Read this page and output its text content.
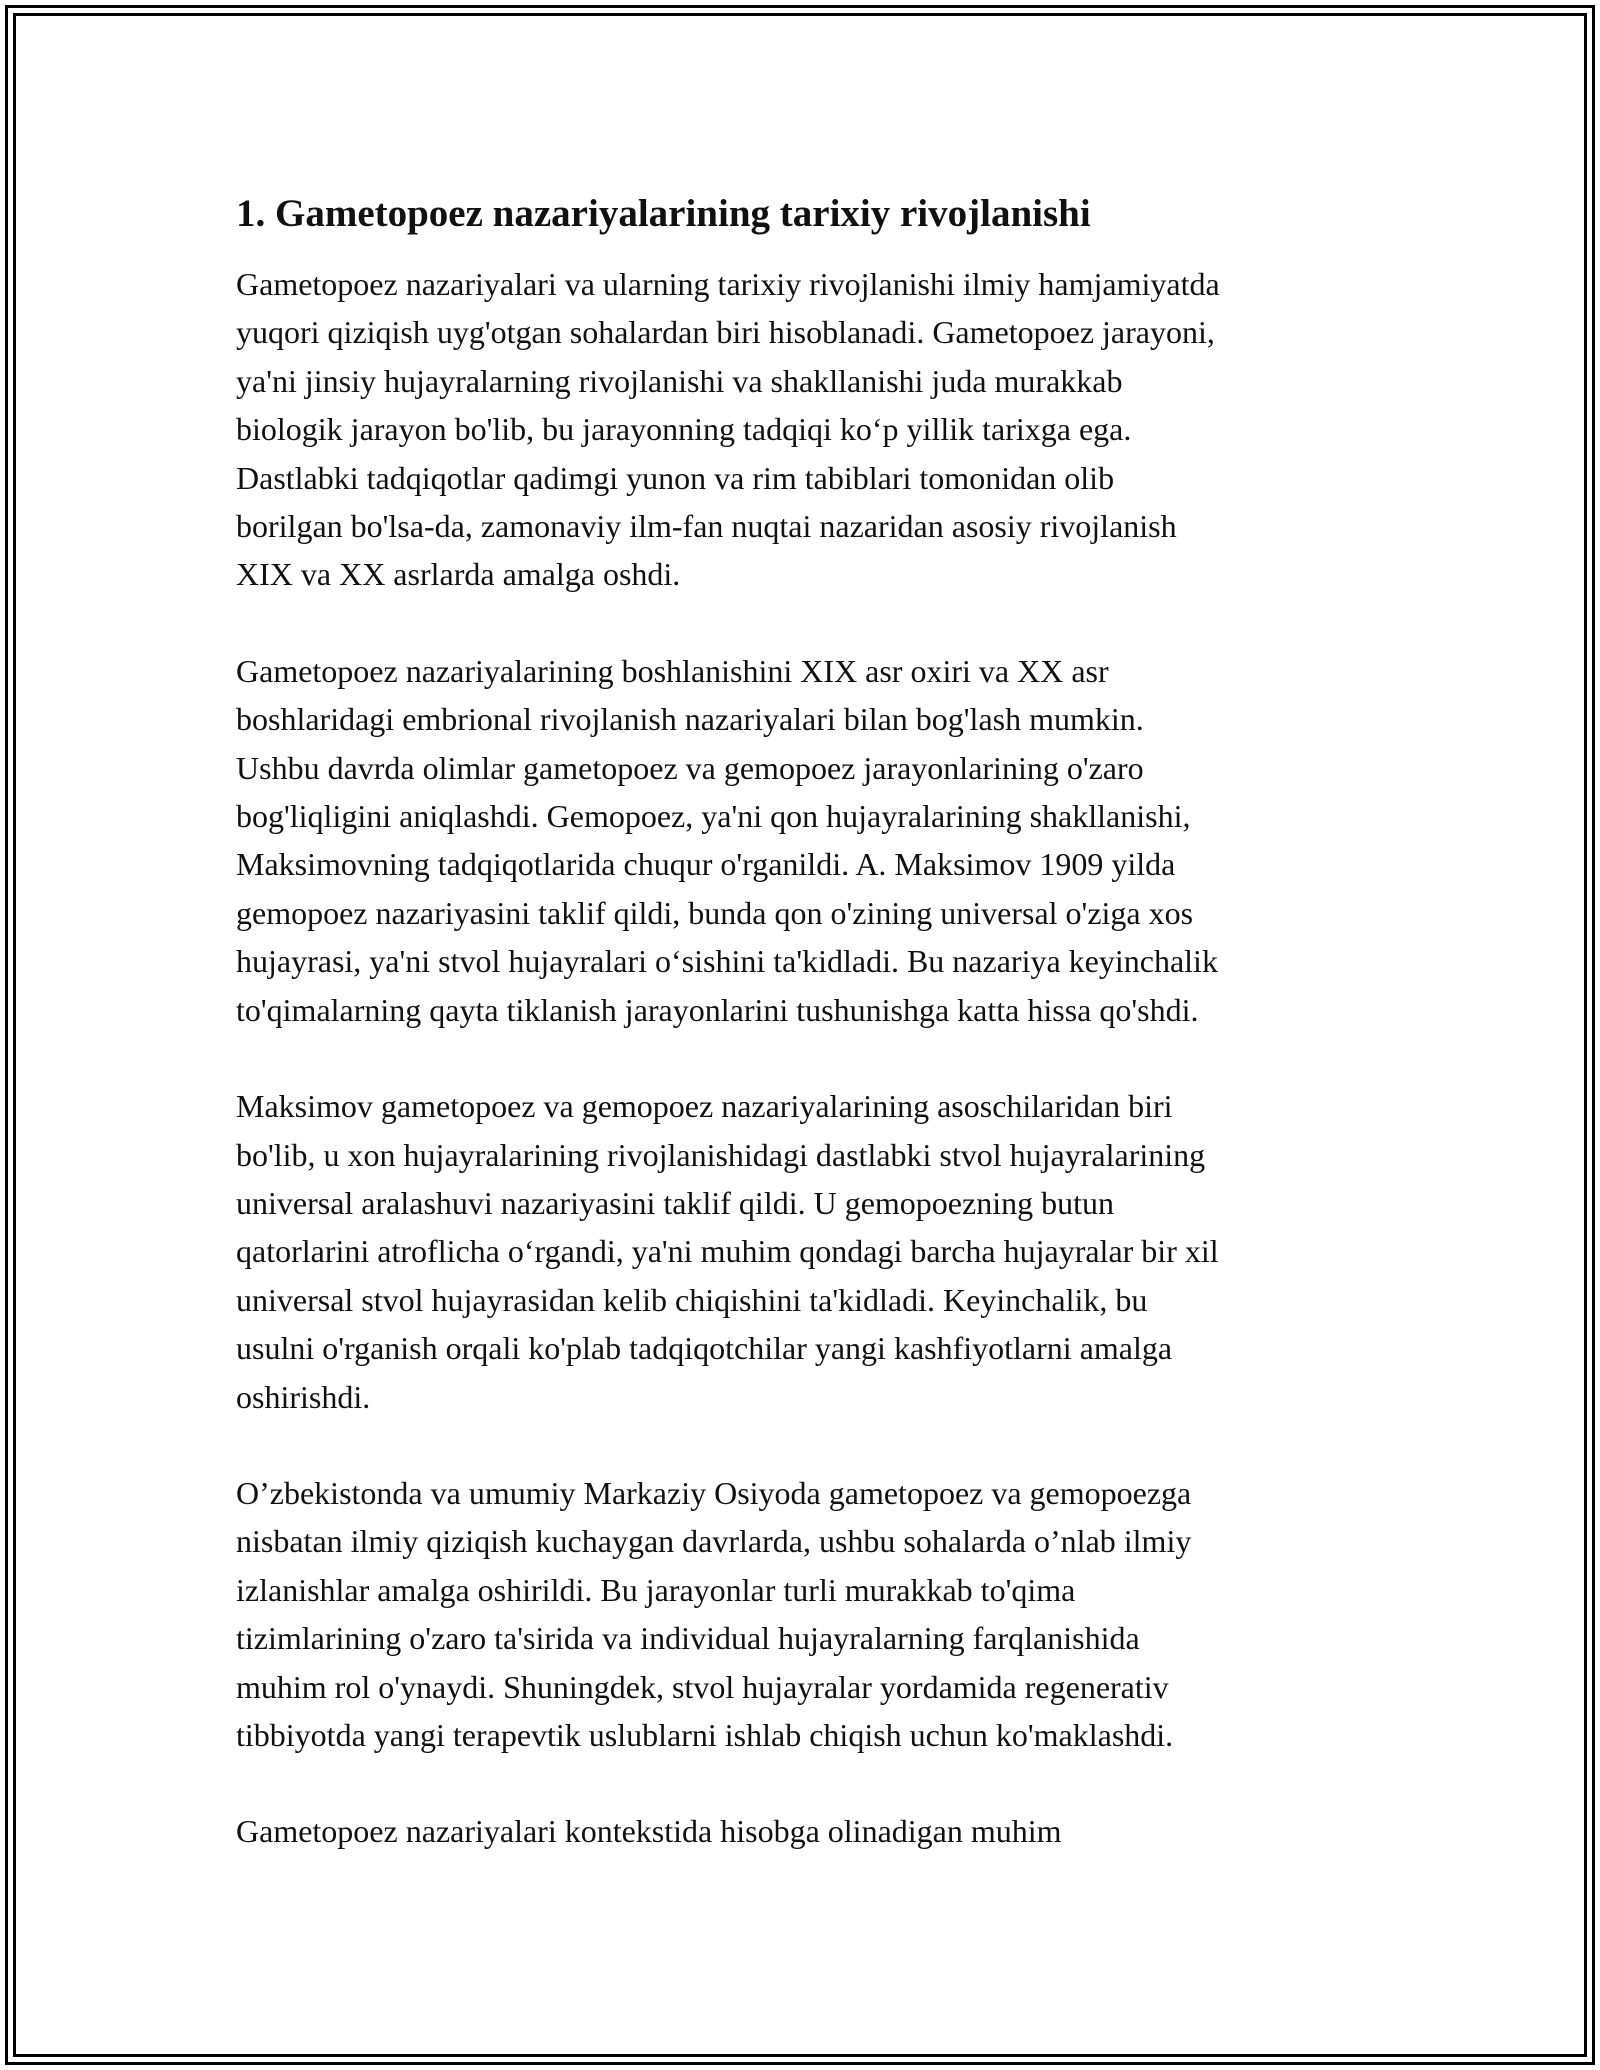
1. Gametopoez nazariyalarining tarixiy rivojlanishi

Gametopoez nazariyalari va ularning tarixiy rivojlanishi ilmiy hamjamiyatda
yuqori qiziqish uyg'otgan sohalardan biri hisoblanadi. Gametopoez jarayoni,
ya'ni jinsiy hujayralarning rivojlanishi va shakllanishi juda murakkab
biologik jarayon bo'lib, bu jarayonning tadqiqi ko‘p yillik tarixga ega.
Dastlabki tadqiqotlar qadimgi yunon va rim tabiblari tomonidan olib
borilgan bo'lsa-da, zamonaviy ilm-fan nuqtai nazaridan asosiy rivojlanish
XIX va XX asrlarda amalga oshdi.

Gametopoez nazariyalarining boshlanishini XIX asr oxiri va XX asr
boshlaridagi embrional rivojlanish nazariyalari bilan bog'lash mumkin.
Ushbu davrda olimlar gametopoez va gemopoez jarayonlarining o'zaro
bog'liqligini aniqlashdi. Gemopoez, ya'ni qon hujayralarining shakllanishi,
Maksimovning tadqiqotlarida chuqur o'rganildi. A. Maksimov 1909 yilda
gemopoez nazariyasini taklif qildi, bunda qon o'zining universal o'ziga xos
hujayrasi, ya'ni stvol hujayralari o‘sishini ta'kidladi. Bu nazariya keyinchalik
to'qimalarning qayta tiklanish jarayonlarini tushunishga katta hissa qo'shdi.

Maksimov gametopoez va gemopoez nazariyalarining asoschilaridan biri
bo'lib, u xon hujayralarining rivojlanishidagi dastlabki stvol hujayralarining
universal aralashuvi nazariyasini taklif qildi. U gemopoezning butun
qatorlarini atroflicha o‘rgandi, ya'ni muhim qondagi barcha hujayralar bir xil
universal stvol hujayrasidan kelib chiqishini ta'kidladi. Keyinchalik, bu
usulni o'rganish orqali ko'plab tadqiqotchilar yangi kashfiyotlarni amalga
oshirishdi.

O’zbekistonda va umumiy Markaziy Osiyoda gametopoez va gemopoezga
nisbatan ilmiy qiziqish kuchaygan davrlarda, ushbu sohalarda o’nlab ilmiy
izlanishlar amalga oshirildi. Bu jarayonlar turli murakkab to'qima
tizimlarining o'zaro ta'sirida va individual hujayralarning farqlanishida
muhim rol o'ynaydi. Shuningdek, stvol hujayralar yordamida regenerativ
tibbiyotda yangi terapevtik uslublarni ishlab chiqish uchun ko'maklashdi.

Gametopoez nazariyalari kontekstida hisobga olinadigan muhim
